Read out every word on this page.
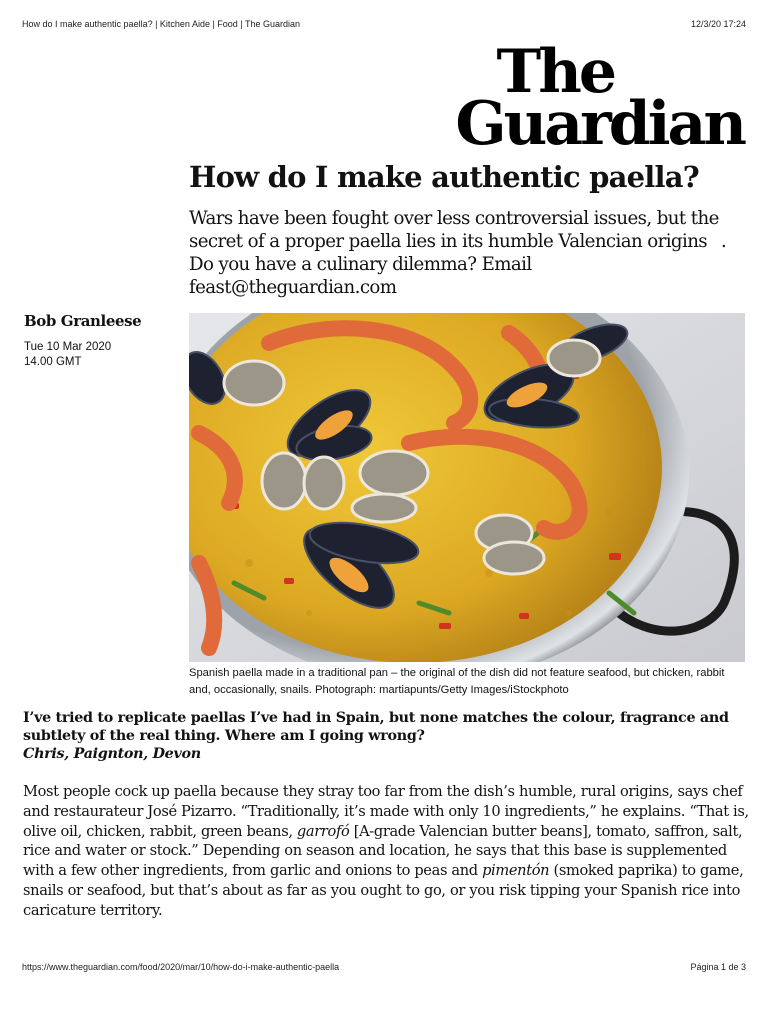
How do I make authentic paella? | Kitchen Aide | Food | The Guardian	12/3/20 17:24
The
Guardian
How do I make authentic paella?

Wars have been fought over less controversial issues, but the

secret of a proper paella lies in its humble Valencian origins .

Do you have a culinary dilemma? Email

feast@theguardian.com

Bob Granleese

Tue 10 Mar 2020
14.00 GMT
Spanish paella made in a traditional pan – the original of the dish did not feature seafood, but chicken, rabbit and, occasionally, snails. Photograph: martiapunts/Getty Images/iStockphoto

I’ve tried to replicate paellas I’ve had in Spain, but none matches the colour, fragrance and subtlety of the real thing. Where am I going wrong?

Chris, Paignton, Devon

Most people cock up paella because they stray too far from the dish’s humble, rural origins, says chef and restaurateur José Pizarro. “Traditionally, it’s made with only 10 ingredients,” he explains. “That is, olive oil, chicken, rabbit, green beans, garrofó [A-grade Valencian butter beans], tomato, saffron, salt, rice and water or stock.” Depending on season and location, he says that this base is supplemented with a few other ingredients, from garlic and onions to peas and pimentón (smoked paprika) to game, snails or seafood, but that’s about as far as you ought to go, or you risk tipping your Spanish rice into caricature territory.

https://www.theguardian.com/food/2020/mar/10/how-do-i-make-authentic-paella	Página 1 de 3
